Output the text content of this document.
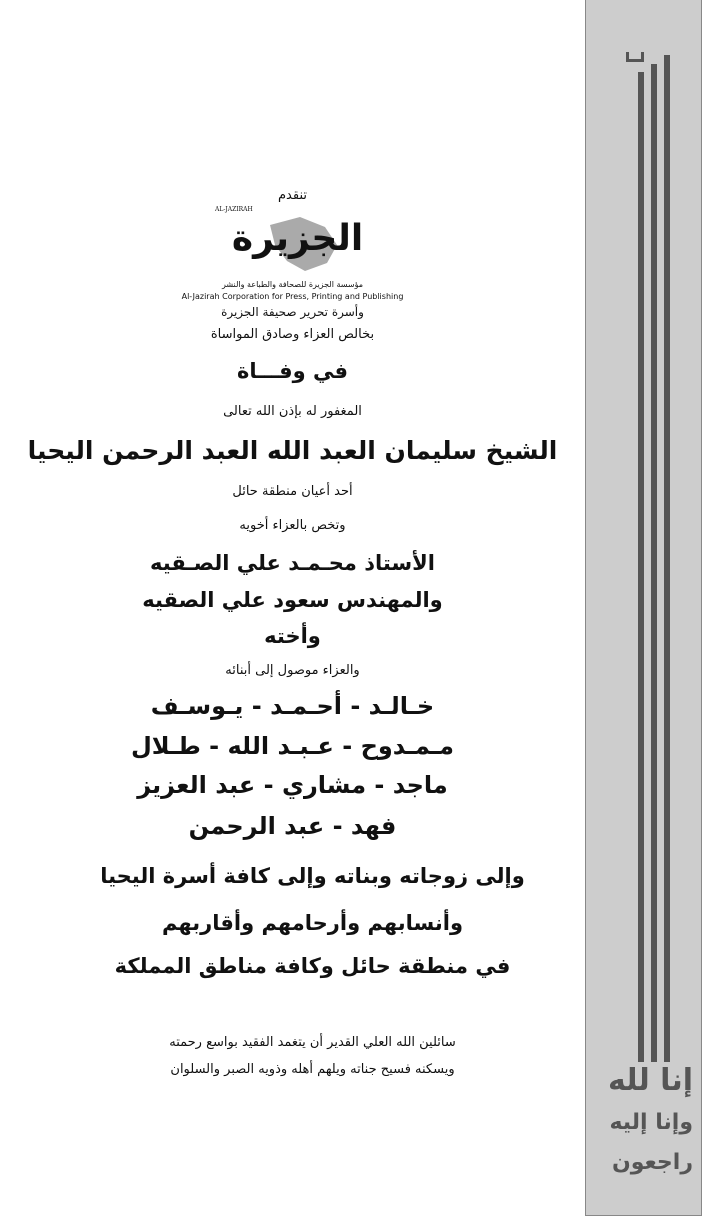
تنقدم
AL-JAZIRAH
الجزيرة
مؤسسة الجزيرة للصحافة والطباعة والنشر
Al-Jazirah Corporation for Press, Printing and Publishing
وأسرة تحرير صحيفة الجزيرة
بخالص العزاء وصادق المواساة
في وفـــاة
المغفور له بإذن الله تعالى
الشيخ سليمان العبد الله العبد الرحمن اليحيا
أحد أعيان منطقة حائل
وتخص بالعزاء أخويه
الأستاذ محـمـد علي الصـقيه
والمهندس سعود علي الصقيه
وأخته
والعزاء موصول إلى أبنائه
خـالـد - أحـمـد - يـوسـف
مـمـدوح - عـبـد الله - طـلال
ماجد - مشاري - عبد العزيز
فهد - عبد الرحمن
وإلى زوجاته وبناته وإلى كافة أسرة اليحيا
وأنسابهم وأرحامهم وأقاربهم
في منطقة حائل وكافة مناطق المملكة
سائلين الله العلي القدير أن يتغمد الفقيد بواسع رحمته
ويسكنه فسيح جناته ويلهم أهله وذويه الصبر والسلوان	إنا لله
وإنا إليه
راجعون
